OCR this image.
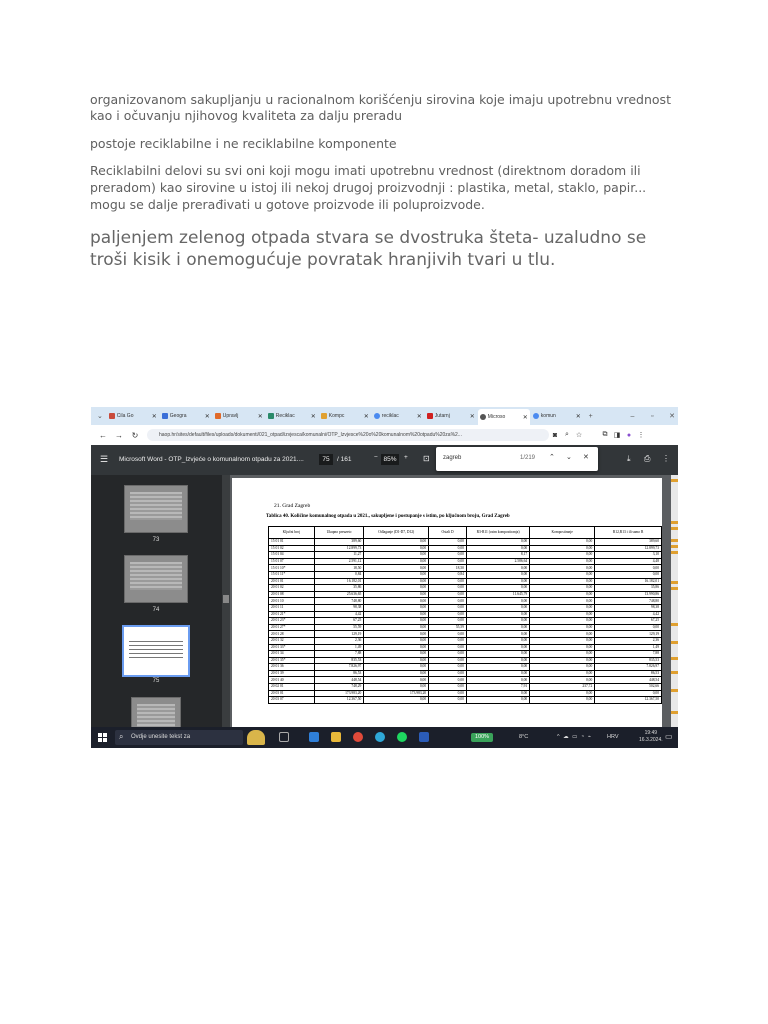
organizovanom sakupljanju u racionalnom korišćenju sirovina koje imaju upotrebnu vrednost kao i očuvanju njihovog kvaliteta za dalju preradu

postoje reciklabilne i ne reciklabilne komponente

Reciklabilni delovi su svi oni koji mogu imati upotrebnu vrednost (direktnom doradom ili preradom) kao sirovine u istoj ili nekoj drugoj proizvodnji : plastika, metal, staklo, papir... mogu se dalje prerađivati u gotove proizvode ili poluproizvode.

paljenjem zelenog otpada stvara se dvostruka šteta- uzaludno se troši kisik i onemogućuje povratak hranjivih tvari u tlu.

⌄	Čila Go	✕	Geogra	✕	Upravlj	✕	Reciklac	✕	Kompc	✕	reciklac	✕	Jutarnj	✕	Microso	✕	komun	✕	+	–	▫	✕
← → ↻	haop.hr/sites/default/files/uploads/dokumenti/021_otpad/izvjesca/komunalni/OTP_Izvjesce%20o%20komunalnom%20otpadu%20za%2...	◙	⌕ ☆	⧉ ◨ ● ⋮
☰ Microsoft Word - OTP_Izvjeće o komunalnom otpadu za 2021....	75	/ 161	− 85%	+ ⊡	⤓ ⎙ ⋮
zagreb	1/219 ⌃ ⌄ ✕
73
74
75
21. Grad Zagreb
Tablica 40. Količine komunalnog otpada u 2021., sakupljene i postupanje s istim, po ključnom broju, Grad Zagreb
Ključni broj	Ukupno preuzeto	Odlaganje (D1-D7, D12)	Ostali D	R3-R11 (osim kompostiranja)	Kompostiranje	R12,R13 i ili samo R
15 01 01	389,60	0,00	0,00	0,00	0,00	389,60
15 01 02	12.899,73	0,00	0,00	0,00	0,00	12.899,73
15 01 04	11,27	0,00	0,00	8,17	0,00	3,10
15 01 07	2.591,12	0,00	0,00	2.586,64	0,00	4,48
15 01 10*	18,50	0,00	18,50	0,00	0,00	0,00
15 01 11*	0,84	0,00	0,84	0,00	0,00	0,00
20 01 01	16.182,01	0,00	0,00	0,00	0,00	16.182,01
20 01 02	35,86	0,00	0,00	0,00	0,00	35,86
20 01 08	25.636,65	0,00	0,00	11.645,79	0,00	13.990,86
20 01 10	748,80	0,00	0,00	0,00	0,00	748,80
20 01 11	98,38	0,00	0,00	0,00	0,00	98,38
20 01 21*	4,42	0,00	0,00	0,00	0,00	4,42
20 01 23*	67,25	0,00	0,00	0,00	0,00	67,25
20 01 27*	55,59	0,00	55,59	0,00	0,00	0,00
20 01 28	129,19	0,00	0,00	0,00	0,00	129,19
20 01 32	2,36	0,00	0,00	0,00	0,00	2,36
20 01 33*	1,49	0,00	0,00	0,00	0,00	1,49
20 01 34	7,88	0,00	0,00	0,00	0,00	7,88
20 01 35*	835,53	0,00	0,00	0,00	0,00	835,53
20 01 36	7.826,97	0,00	0,00	0,00	0,00	7.826,97
20 01 39	86,53	0,00	0,00	0,00	0,00	86,53
20 01 40	448,54	0,00	0,00	0,00	0,00	448,54
20 02 01	748,29	0,00	0,00	7,91	237,72	502,66
20 03 01	173.983,20	173.983,20	0,00	0,00	0,00	0,00
20 03 07	12.367,50	0,00	0,00	0,00	0,00	12.367,50
⌕ Ovdje unesite tekst za	100%	8°C	^ ☁ ▭ ◔ ⌁	HRV
19:49
16.3.2024. ▭
